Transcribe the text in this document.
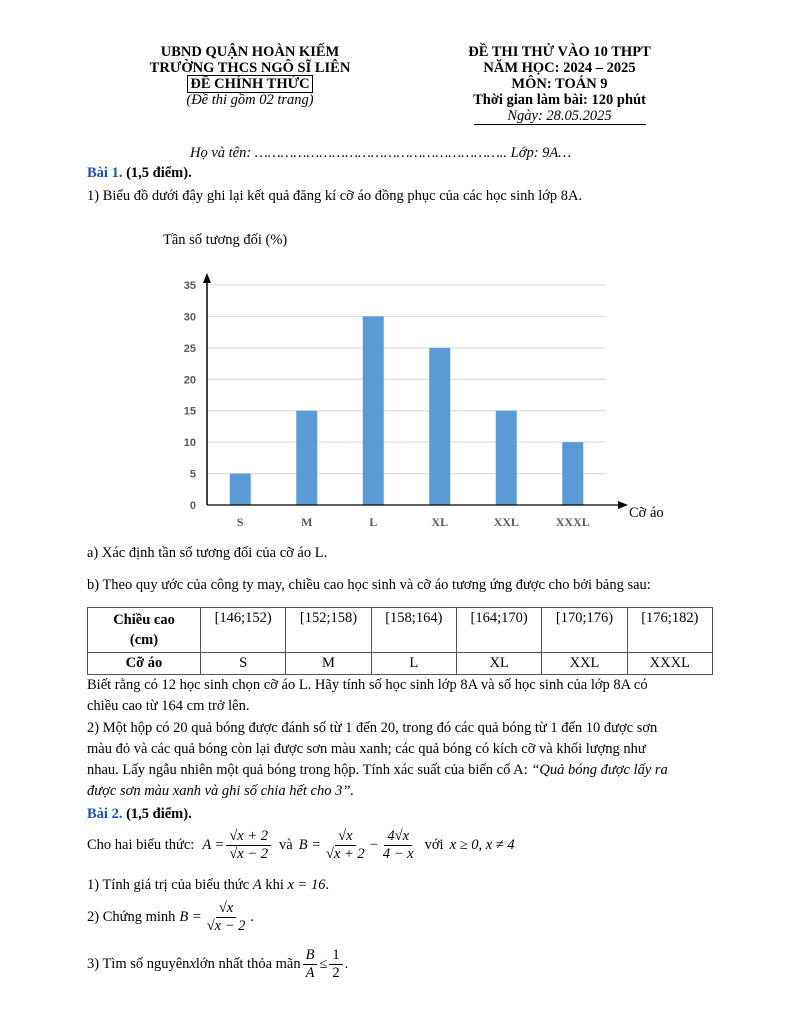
UBND QUẬN HOÀN KIẾM
TRƯỜNG THCS NGÔ SĨ LIÊN
ĐỀ CHÍNH THỨC
(Đề thi gồm 02 trang)
ĐỀ THI THỬ VÀO 10 THPT
NĂM HỌC: 2024 – 2025
MÔN: TOÁN 9
Thời gian làm bài: 120 phút
Ngày: 28.05.2025
Họ và tên: ………………………………………………….. Lớp: 9A…
Bài 1. (1,5 điểm).
1) Biểu đồ dưới đây ghi lại kết quả đăng kí cỡ áo đồng phục của các học sinh lớp 8A.
Tần số tương đối (%)
Cỡ áo
0
5
10
15
20
25
30
35
S	M	L	XL	XXL	XXXL
a) Xác định tần số tương đối của cỡ áo L.
b) Theo quy ước của công ty may, chiều cao học sinh và cỡ áo tương ứng được cho bởi bảng sau:
Chiều cao
(cm)	[146;152)	[152;158)	[158;164)	[164;170)	[170;176)	[176;182)
Cỡ áo	S	M	L	XL	XXL	XXXL
Biết rằng có 12 học sinh chọn cỡ áo L. Hãy tính số học sinh lớp 8A và số học sinh của lớp 8A có
chiều cao từ 164 cm trở lên.
2) Một hộp có 20 quả bóng được đánh số từ 1 đến 20, trong đó các quả bóng từ 1 đến 10 được sơn
màu đỏ và các quả bóng còn lại được sơn màu xanh; các quả bóng có kích cỡ và khối lượng như
nhau. Lấy ngẫu nhiên một quả bóng trong hộp. Tính xác suất của biến cố A: “Quả bóng được lấy ra
được sơn màu xanh và ghi số chia hết cho 3”.
Bài 2. (1,5 điểm).
Cho hai biểu thức: $A = \frac{√x + 2}{√x - 2}$ và $B = \frac{√x}{√x + 2} - \frac{4√x}{4 - x}$ với x ≥ 0, x ≠ 4
1) Tính giá trị của biểu thức A khi x = 16.
2) Chứng minh $B = \frac{√x}{√x - 2}$ .
3) Tìm số nguyên x lớn nhất thỏa mãn $\frac{B}{A} \le \frac{1}{2}$ .
